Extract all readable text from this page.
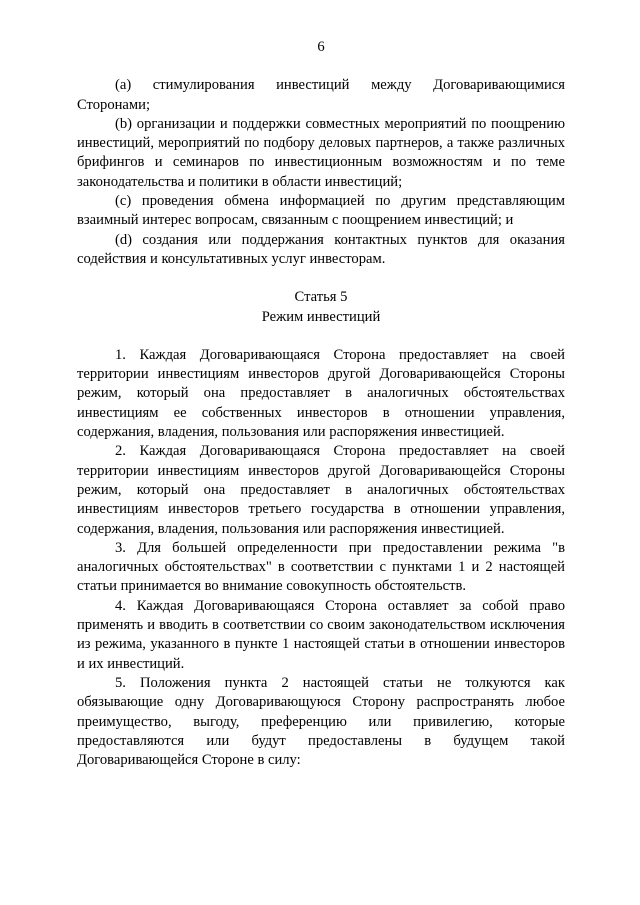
6

(a) стимулирования инвестиций между Договаривающимися Сторонами;

(b) организации и поддержки совместных мероприятий по поощрению инвестиций, мероприятий по подбору деловых партнеров, а также различных брифингов и семинаров по инвестиционным возможностям и по теме законодательства и политики в области инвестиций;

(c) проведения обмена информацией по другим представляющим взаимный интерес вопросам, связанным с поощрением инвестиций; и

(d) создания или поддержания контактных пунктов для оказания содействия и консультативных услуг инвесторам.

Статья 5
Режим инвестиций

1. Каждая Договаривающаяся Сторона предоставляет на своей территории инвестициям инвесторов другой Договаривающейся Стороны режим, который она предоставляет в аналогичных обстоятельствах инвестициям ее собственных инвесторов в отношении управления, содержания, владения, пользования или распоряжения инвестицией.

2. Каждая Договаривающаяся Сторона предоставляет на своей территории инвестициям инвесторов другой Договаривающейся Стороны режим, который она предоставляет в аналогичных обстоятельствах инвестициям инвесторов третьего государства в отношении управления, содержания, владения, пользования или распоряжения инвестицией.

3. Для большей определенности при предоставлении режима "в аналогичных обстоятельствах" в соответствии с пунктами 1 и 2 настоящей статьи принимается во внимание совокупность обстоятельств.

4. Каждая Договаривающаяся Сторона оставляет за собой право применять и вводить в соответствии со своим законодательством исключения из режима, указанного в пункте 1 настоящей статьи в отношении инвесторов и их инвестиций.

5. Положения пункта 2 настоящей статьи не толкуются как обязывающие одну Договаривающуюся Сторону распространять любое преимущество, выгоду, преференцию или привилегию, которые предоставляются или будут предоставлены в будущем такой Договаривающейся Стороне в силу:
